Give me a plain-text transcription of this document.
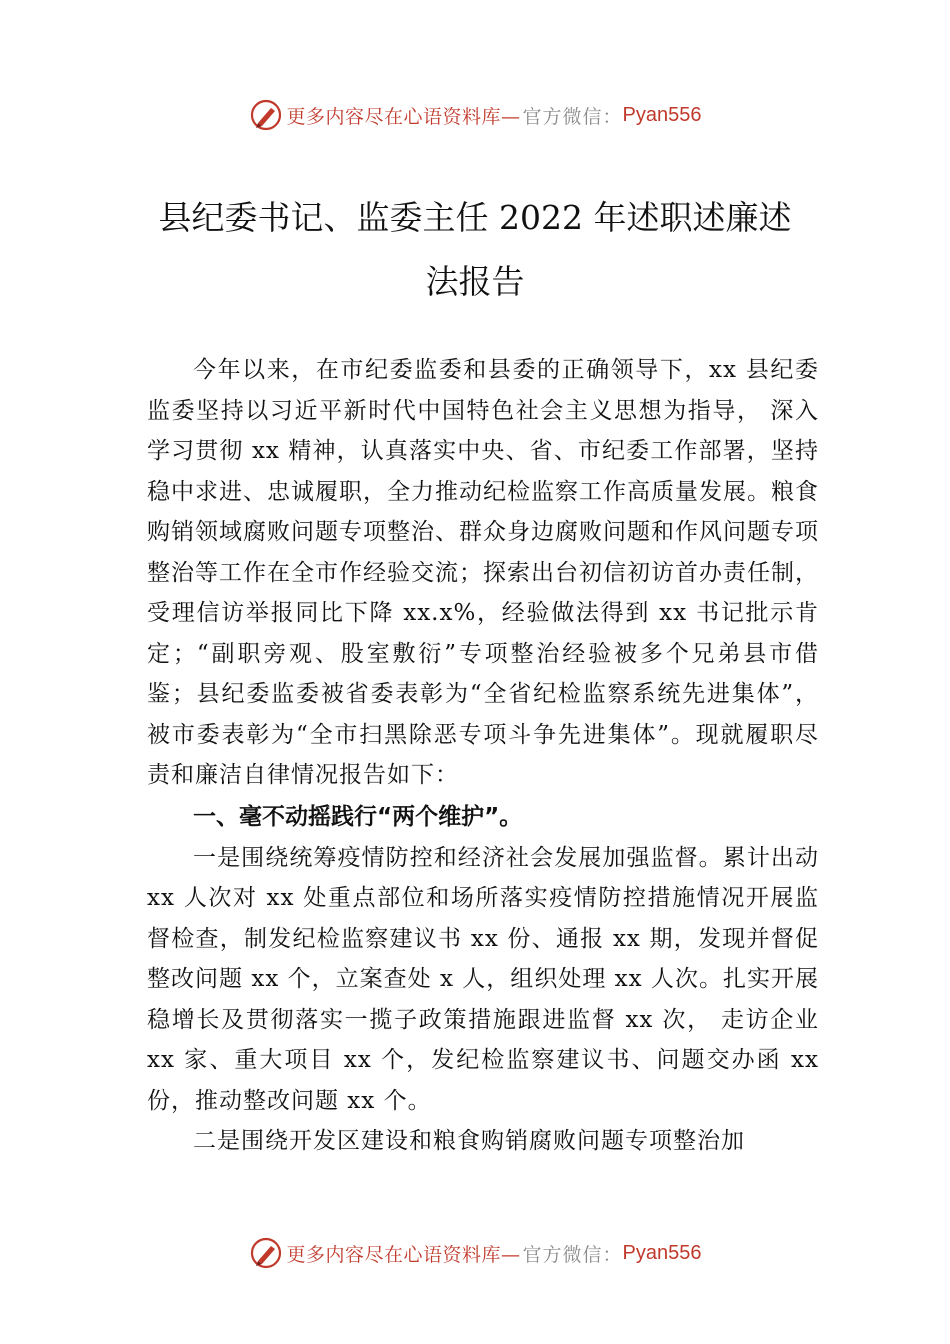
更多内容尽在心语资料库— 官方微信： Pyan556
县纪委书记、监委主任 2022 年述职述廉述
法报告

今年以来，在市纪委监委和县委的正确领导下，xx 县纪委监委坚持以习近平新时代中国特色社会主义思想为指导， 深入学习贯彻 xx 精神，认真落实中央、省、市纪委工作部署，坚持稳中求进、忠诚履职，全力推动纪检监察工作高质量发展。粮食购销领域腐败问题专项整治、群众身边腐败问题和作风问题专项整治等工作在全市作经验交流；探索出台初信初访首办责任制，受理信访举报同比下降 xx.x%，经验做法得到 xx 书记批示肯定；“副职旁观、股室敷衍”专项整治经验被多个兄弟县市借鉴；县纪委监委被省委表彰为“全省纪检监察系统先进集体”，被市委表彰为“全市扫黑除恶专项斗争先进集体”。现就履职尽责和廉洁自律情况报告如下：

一、毫不动摇践行“两个维护”。

一是围绕统筹疫情防控和经济社会发展加强监督。累计出动 xx 人次对 xx 处重点部位和场所落实疫情防控措施情况开展监督检查，制发纪检监察建议书 xx 份、通报 xx 期，发现并督促整改问题 xx 个，立案查处 x 人，组织处理 xx 人次。扎实开展稳增长及贯彻落实一揽子政策措施跟进监督 xx 次， 走访企业 xx 家、重大项目 xx 个，发纪检监察建议书、问题交办函 xx 份，推动整改问题 xx 个。

二是围绕开发区建设和粮食购销腐败问题专项整治加

更多内容尽在心语资料库— 官方微信： Pyan556
